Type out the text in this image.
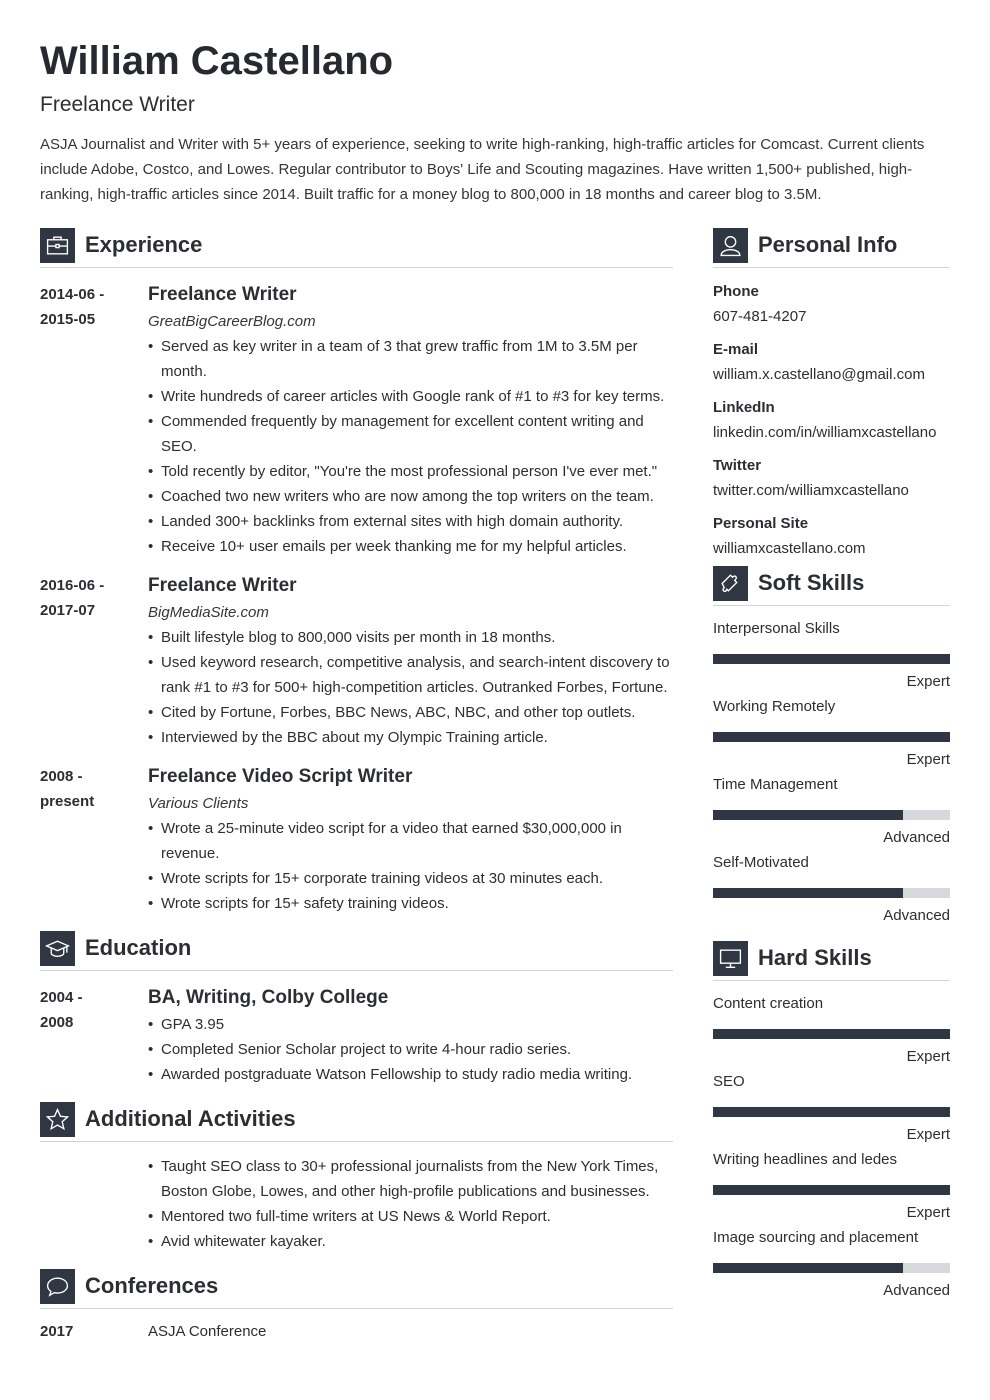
William Castellano
Freelance Writer
ASJA Journalist and Writer with 5+ years of experience, seeking to write high-ranking, high-traffic articles for Comcast. Current clients include Adobe, Costco, and Lowes. Regular contributor to Boys' Life and Scouting magazines. Have written 1,500+ published, high-ranking, high-traffic articles since 2014. Built traffic for a money blog to 800,000 in 18 months and career blog to 3.5M.
Experience
2014-06 -
2015-05
Freelance Writer
GreatBigCareerBlog.com
• Served as key writer in a team of 3 that grew traffic from 1M to 3.5M per month.
• Write hundreds of career articles with Google rank of #1 to #3 for key terms.
• Commended frequently by management for excellent content writing and SEO.
• Told recently by editor, "You're the most professional person I've ever met."
• Coached two new writers who are now among the top writers on the team.
• Landed 300+ backlinks from external sites with high domain authority.
• Receive 10+ user emails per week thanking me for my helpful articles.
2016-06 -
2017-07
Freelance Writer
BigMediaSite.com
• Built lifestyle blog to 800,000 visits per month in 18 months.
• Used keyword research, competitive analysis, and search-intent discovery to rank #1 to #3 for 500+ high-competition articles. Outranked Forbes, Fortune.
• Cited by Fortune, Forbes, BBC News, ABC, NBC, and other top outlets.
• Interviewed by the BBC about my Olympic Training article.
2008 -
present
Freelance Video Script Writer
Various Clients
• Wrote a 25-minute video script for a video that earned $30,000,000 in revenue.
• Wrote scripts for 15+ corporate training videos at 30 minutes each.
• Wrote scripts for 15+ safety training videos.
Education
2004 -
2008
BA, Writing, Colby College
• GPA 3.95
• Completed Senior Scholar project to write 4-hour radio series.
• Awarded postgraduate Watson Fellowship to study radio media writing.
Additional Activities
• Taught SEO class to 30+ professional journalists from the New York Times, Boston Globe, Lowes, and other high-profile publications and businesses.
• Mentored two full-time writers at US News & World Report.
• Avid whitewater kayaker.
Conferences
2017	ASJA Conference
Personal Info
Phone
607-481-4207
E-mail
william.x.castellano@gmail.com
LinkedIn
linkedin.com/in/williamxcastellano
Twitter
twitter.com/williamxcastellano
Personal Site
williamxcastellano.com
Soft Skills
Interpersonal Skills
Expert
Working Remotely
Expert
Time Management
Advanced
Self-Motivated
Advanced
Hard Skills
Content creation
Expert
SEO
Expert
Writing headlines and ledes
Expert
Image sourcing and placement
Advanced
